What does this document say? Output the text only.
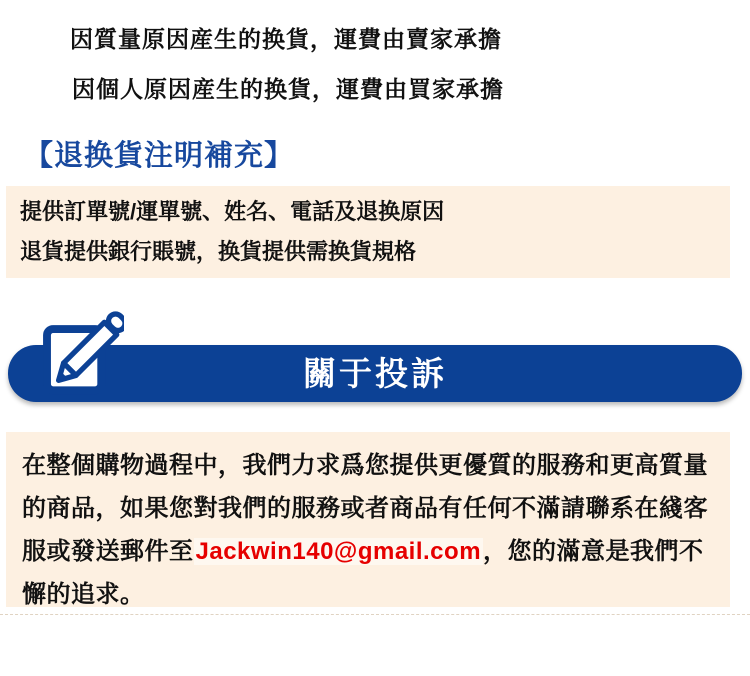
因質量原因産生的换貨，運費由賣家承擔
因個人原因産生的换貨，運費由買家承擔
【退换貨注明補充】
提供訂單號/運單號、姓名、電話及退换原因
退貨提供銀行賬號，换貨提供需换貨規格
關于投訴
在整個購物過程中，我們力求爲您提供更優質的服務和更高質量的商品，如果您對我們的服務或者商品有任何不滿請聯系在綫客服或發送郵件至Jackwin140@gmail.com，您的滿意是我們不懈的追求。
